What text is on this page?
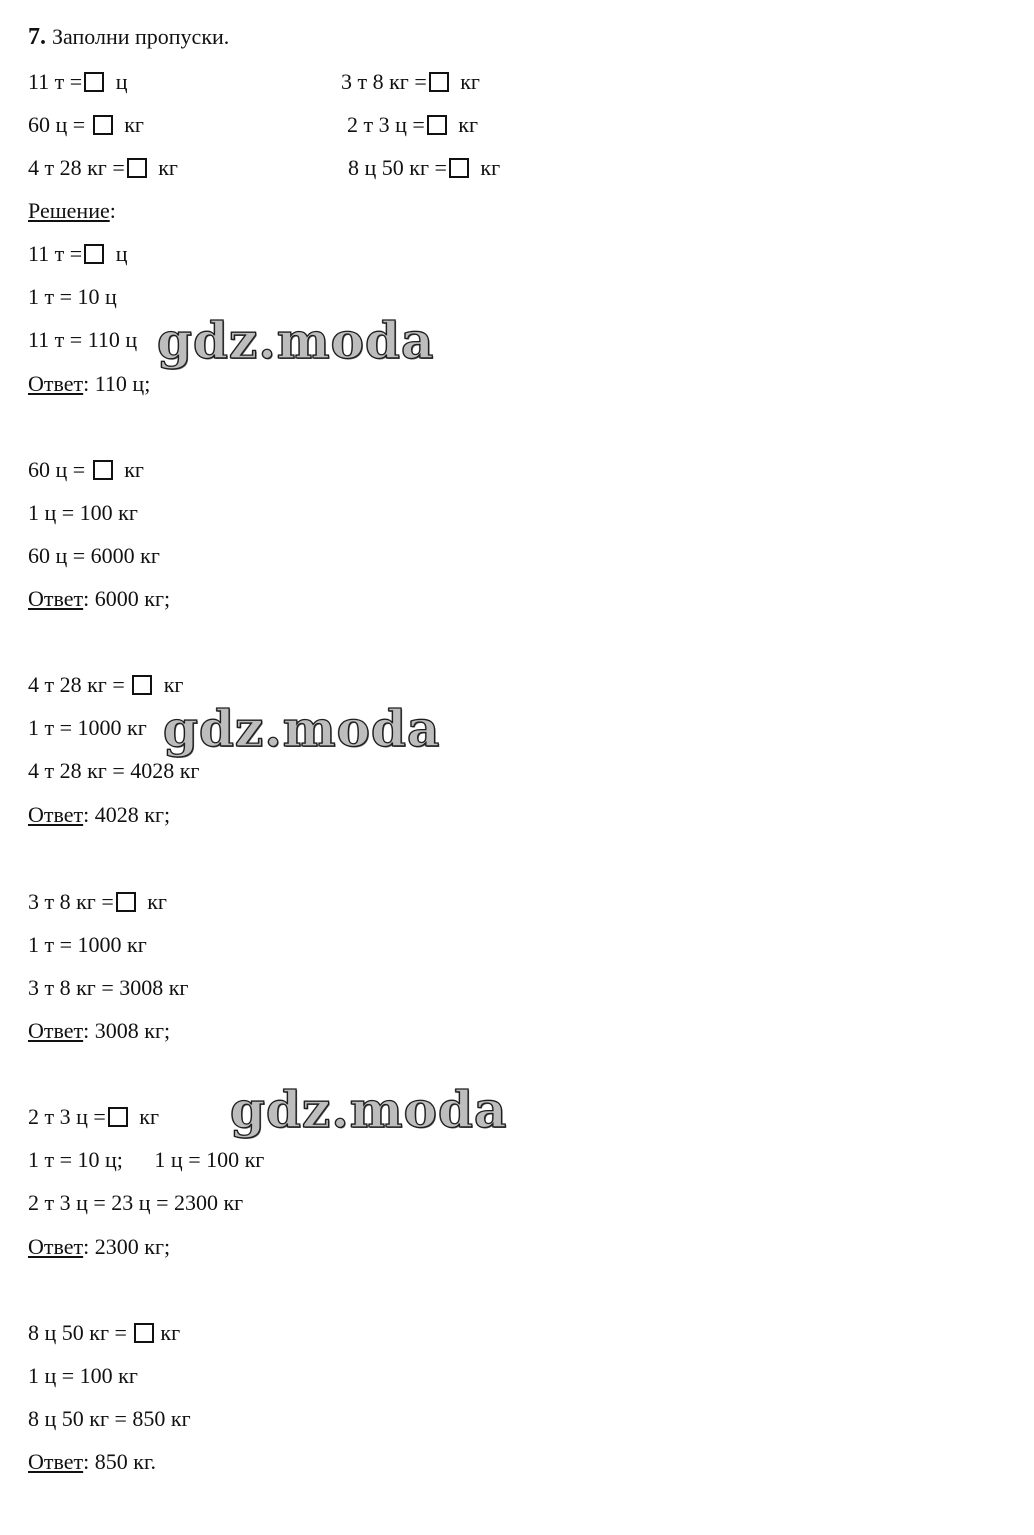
7. Заполни пропуски.
11 т = ц	3 т 8 кг = кг
60 ц = кг	2 т 3 ц = кг
4 т 28 кг = кг	8 ц 50 кг = кг
Решение:
11 т = ц
1 т = 10 ц
11 т = 110 ц
Ответ: 110 ц;
60 ц = кг
1 ц = 100 кг
60 ц = 6000 кг
Ответ: 6000 кг;
4 т 28 кг = кг
1 т = 1000 кг
4 т 28 кг = 4028 кг
Ответ: 4028 кг;
3 т 8 кг = кг
1 т = 1000 кг
3 т 8 кг = 3008 кг
Ответ: 3008 кг;
2 т 3 ц = кг
1 т = 10 ц; 1 ц = 100 кг
2 т 3 ц = 23 ц = 2300 кг
Ответ: 2300 кг;
8 ц 50 кг = кг
1 ц = 100 кг
8 ц 50 кг = 850 кг
Ответ: 850 кг.
gdz.moda
gdz.moda
gdz.moda
